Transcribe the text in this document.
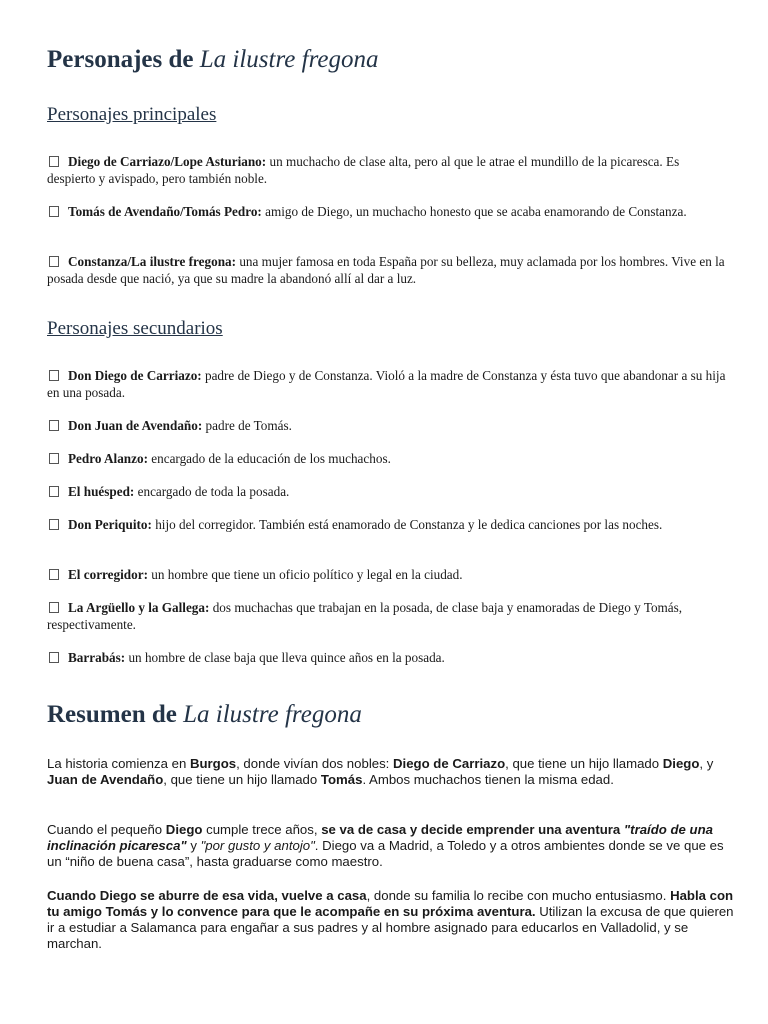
Personajes de La ilustre fregona
Personajes principales

Diego de Carriazo/Lope Asturiano: un muchacho de clase alta, pero al que le atrae el mundillo de la picaresca. Es despierto y avispado, pero también noble.

Tomás de Avendaño/Tomás Pedro: amigo de Diego, un muchacho honesto que se acaba enamorando de Constanza.

Constanza/La ilustre fregona: una mujer famosa en toda España por su belleza, muy aclamada por los hombres. Vive en la posada desde que nació, ya que su madre la abandonó allí al dar a luz.

Personajes secundarios

Don Diego de Carriazo: padre de Diego y de Constanza. Violó a la madre de Constanza y ésta tuvo que abandonar a su hija en una posada.

Don Juan de Avendaño: padre de Tomás.

Pedro Alanzo: encargado de la educación de los muchachos.

El huésped: encargado de toda la posada.

Don Periquito: hijo del corregidor. También está enamorado de Constanza y le dedica canciones por las noches.

El corregidor: un hombre que tiene un oficio político y legal en la ciudad.

La Argüello y la Gallega: dos muchachas que trabajan en la posada, de clase baja y enamoradas de Diego y Tomás, respectivamente.

Barrabás: un hombre de clase baja que lleva quince años en la posada.

Resumen de La ilustre fregona

La historia comienza en Burgos, donde vivían dos nobles: Diego de Carriazo, que tiene un hijo llamado Diego, y Juan de Avendaño, que tiene un hijo llamado Tomás. Ambos muchachos tienen la misma edad.

Cuando el pequeño Diego cumple trece años, se va de casa y decide emprender una aventura "traído de una inclinación picaresca" y "por gusto y antojo". Diego va a Madrid, a Toledo y a otros ambientes donde se ve que es un “niño de buena casa”, hasta graduarse como maestro.

Cuando Diego se aburre de esa vida, vuelve a casa, donde su familia lo recibe con mucho entusiasmo. Habla con tu amigo Tomás y lo convence para que le acompañe en su próxima aventura. Utilizan la excusa de que quieren ir a estudiar a Salamanca para engañar a sus padres y al hombre asignado para educarlos en Valladolid, y se marchan.
